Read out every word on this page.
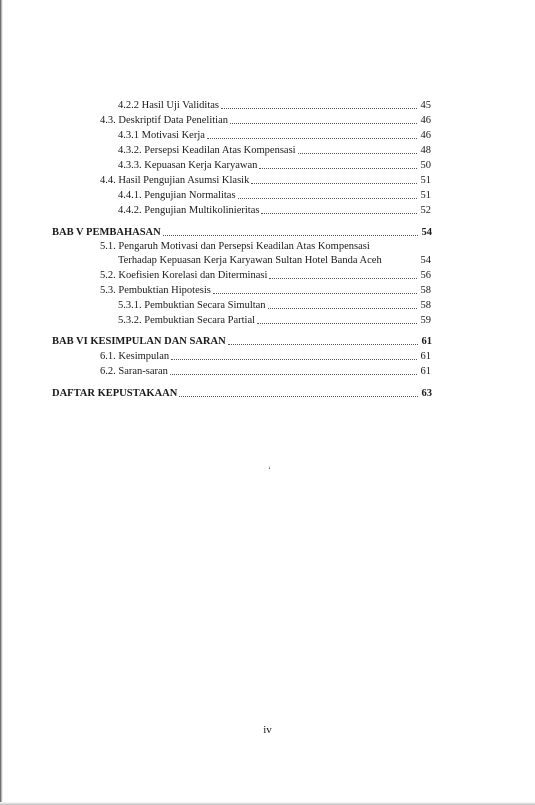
4.2.2 Hasil Uji Validitas	45
4.3. Deskriptif Data Penelitian	46
4.3.1 Motivasi Kerja	46
4.3.2. Persepsi Keadilan Atas Kompensasi	48
4.3.3. Kepuasan Kerja Karyawan	50
4.4. Hasil Pengujian Asumsi Klasik	51
4.4.1. Pengujian Normalitas	51
4.4.2. Pengujian Multikolinieritas	52
BAB V PEMBAHASAN	54
5.1. Pengaruh Motivasi dan Persepsi Keadilan Atas Kompensasi
Terhadap Kepuasan Kerja Karyawan Sultan Hotel Banda Aceh	54
5.2. Koefisien Korelasi dan Diterminasi	56
5.3. Pembuktian Hipotesis	58
5.3.1. Pembuktian Secara Simultan	58
5.3.2. Pembuktian Secara Partial	59
BAB VI KESIMPULAN DAN SARAN	61
6.1. Kesimpulan	61
6.2. Saran-saran	61
DAFTAR KEPUSTAKAAN	63
‘
iv
